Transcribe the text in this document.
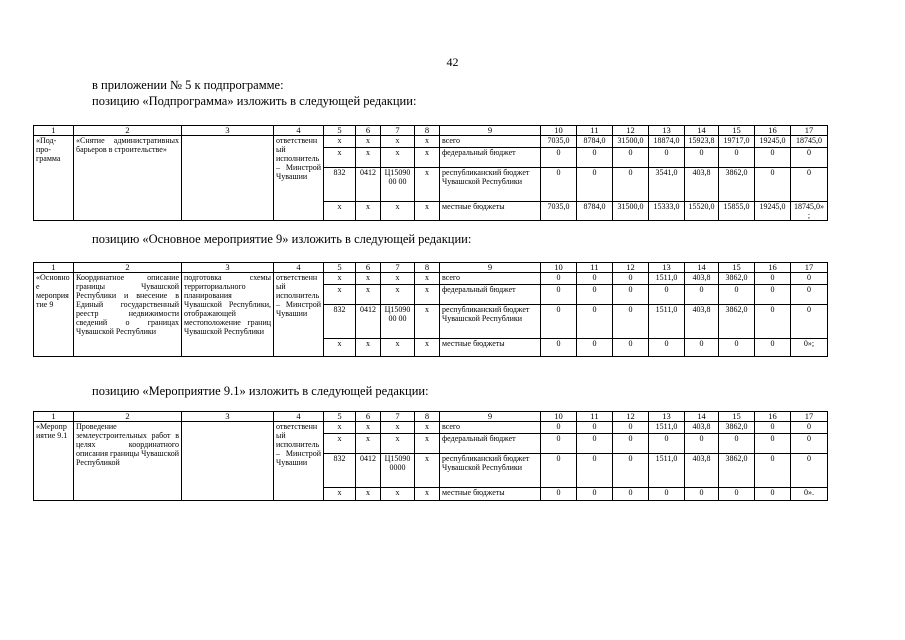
42
в приложении № 5 к подпрограмме:
позицию «Подпрограмма» изложить в следующей редакции:
1	2	3	4	5	6	7	8	9	10	11	12	13	14	15	16	17
«Под-про-грамма	«Снятие административных барьеров в строительстве»		ответственный исполнитель – Минстрой Чувашии	x	x	x	x	всего	7035,0	8784,0	31500,0	18874,0	15923,8	19717,0	19245,0	18745,0
				x	x	x	x	федеральный бюджет	0	0	0	0	0	0	0	0
				832	0412	Ц1509000 00	x	республиканский бюджет Чувашской Республики	0	0	0	3541,0	403,8	3862,0	0	0
				x	x	x	x	местные бюджеты	7035,0	8784,0	31500,0	15333,0	15520,0	15855,0	19245,0	18745,0»;
позицию «Основное мероприятие 9» изложить в следующей редакции:
1	2	3	4	5	6	7	8	9	10	11	12	13	14	15	16	17
«Основное мероприятие 9	Координатное описание границы Чувашской Республики и внесение в Единый государственный реестр недвижимости сведений о границах Чувашской Республики	подготовка схемы территориального планирования Чувашской Республики, отображающей местоположение границ Чувашской Республики	ответственный исполнитель – Минстрой Чувашии	x	x	x	x	всего	0	0	0	1511,0	403,8	3862,0	0	0
				x	x	x	x	федеральный бюджет	0	0	0	0	0	0	0	0
				832	0412	Ц1509000 00	x	республиканский бюджет Чувашской Республики	0	0	0	1511,0	403,8	3862,0	0	0
				x	x	x	x	местные бюджеты	0	0	0	0	0	0	0	0»;
позицию «Мероприятие 9.1» изложить в следующей редакции:
1	2	3	4	5	6	7	8	9	10	11	12	13	14	15	16	17
«Мероприятие 9.1	Проведение землеустроительных работ в целях координатного описания границы Чувашской Республикой		ответственный исполнитель – Минстрой Чувашии	x	x	x	x	всего	0	0	0	1511,0	403,8	3862,0	0	0
				x	x	x	x	федеральный бюджет	0	0	0	0	0	0	0	0
				832	0412	Ц15090 0000	x	республиканский бюджет Чувашской Республики	0	0	0	1511,0	403,8	3862,0	0	0
				x	x	x	x	местные бюджеты	0	0	0	0	0	0	0	0».
